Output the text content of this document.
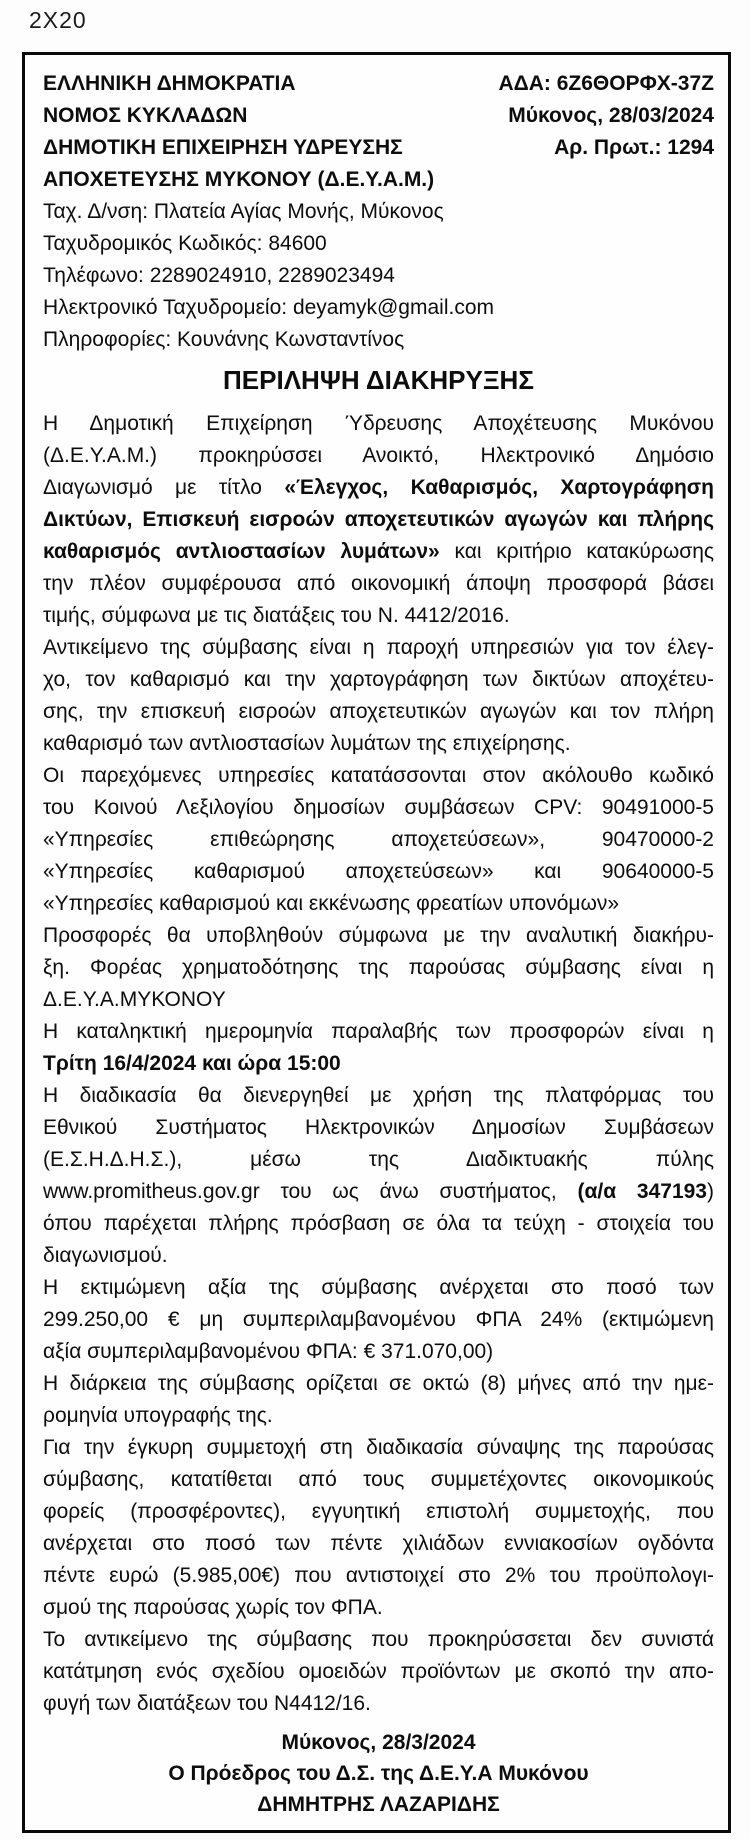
2X20
ΕΛΛΗΝΙΚΗ ΔΗΜΟΚΡΑΤΙΑ
ΝΟΜΟΣ ΚΥΚΛΑΔΩΝ
ΔΗΜΟΤΙΚΗ ΕΠΙΧΕΙΡΗΣΗ ΥΔΡΕΥΣΗΣ
ΑΠΟΧΕΤΕΥΣΗΣ ΜΥΚΟΝΟΥ (Δ.Ε.Υ.Α.Μ.)
ΑΔΑ: 6Ζ6ΘΟΡΦΧ-37Ζ
Μύκονος, 28/03/2024
Αρ. Πρωτ.: 1294
Ταχ. Δ/νση: Πλατεία Αγίας Μονής, Μύκονος
Ταχυδρομικός Κωδικός: 84600
Τηλέφωνο: 2289024910, 2289023494
Ηλεκτρονικό Ταχυδρομείο: deyamyk@gmail.com
Πληροφορίες: Κουνάνης Κωνσταντίνος
ΠΕΡΙΛΗΨΗ ΔΙΑΚΗΡΥΞΗΣ
Η Δημοτική Επιχείρηση Ύδρευσης Αποχέτευσης Μυκόνου
(Δ.Ε.Υ.Α.Μ.) προκηρύσσει Ανοικτό, Ηλεκτρονικό Δημόσιο
Διαγωνισμό με τίτλο «Έλεγχος, Καθαρισμός, Χαρτογράφηση
Δικτύων, Επισκευή εισροών αποχετευτικών αγωγών και πλήρης
καθαρισμός αντλιοστασίων λυμάτων» και κριτήριο κατακύρωσης
την πλέον συμφέρουσα από οικονομική άποψη προσφορά βάσει
τιμής, σύμφωνα με τις διατάξεις του Ν. 4412/2016.
Αντικείμενο της σύμβασης είναι η παροχή υπηρεσιών για τον έλεγ-
χο, τον καθαρισμό και την χαρτογράφηση των δικτύων αποχέτευ-
σης, την επισκευή εισροών αποχετευτικών αγωγών και τον πλήρη
καθαρισμό των αντλιοστασίων λυμάτων της επιχείρησης.
Οι παρεχόμενες υπηρεσίες κατατάσσονται στον ακόλουθο κωδικό
του Κοινού Λεξιλογίου δημοσίων συμβάσεων CPV: 90491000-5
«Υπηρεσίες επιθεώρησης αποχετεύσεων», 90470000-2
«Υπηρεσίες καθαρισμού αποχετεύσεων» και 90640000-5
«Υπηρεσίες καθαρισμού και εκκένωσης φρεατίων υπονόμων»
Προσφορές θα υποβληθούν σύμφωνα με την αναλυτική διακήρυ-
ξη. Φορέας χρηματοδότησης της παρούσας σύμβασης είναι η
Δ.Ε.Υ.Α.ΜΥΚΟΝΟΥ
Η καταληκτική ημερομηνία παραλαβής των προσφορών είναι η
Τρίτη 16/4/2024 και ώρα 15:00
Η διαδικασία θα διενεργηθεί με χρήση της πλατφόρμας του
Εθνικού Συστήματος Ηλεκτρονικών Δημοσίων Συμβάσεων
(Ε.Σ.Η.Δ.Η.Σ.), μέσω της Διαδικτυακής πύλης
www.promitheus.gov.gr του ως άνω συστήματος, (α/α 347193)
όπου παρέχεται πλήρης πρόσβαση σε όλα τα τεύχη - στοιχεία του
διαγωνισμού.
Η εκτιμώμενη αξία της σύμβασης ανέρχεται στο ποσό των
299.250,00 € μη συμπεριλαμβανομένου ΦΠΑ 24% (εκτιμώμενη
αξία συμπεριλαμβανομένου ΦΠΑ: € 371.070,00)
Η διάρκεια της σύμβασης ορίζεται σε οκτώ (8) μήνες από την ημε-
ρομηνία υπογραφής της.
Για την έγκυρη συμμετοχή στη διαδικασία σύναψης της παρούσας
σύμβασης, κατατίθεται από τους συμμετέχοντες οικονομικούς
φορείς (προσφέροντες), εγγυητική επιστολή συμμετοχής, που
ανέρχεται στο ποσό των πέντε χιλιάδων εννιακοσίων ογδόντα
πέντε ευρώ (5.985,00€) που αντιστοιχεί στο 2% του προϋπολογι-
σμού της παρούσας χωρίς τον ΦΠΑ.
Το αντικείμενο της σύμβασης που προκηρύσσεται δεν συνιστά
κατάτμηση ενός σχεδίου ομοειδών προϊόντων με σκοπό την απο-
φυγή των διατάξεων του Ν4412/16.
Μύκονος, 28/3/2024
Ο Πρόεδρος του Δ.Σ. της Δ.Ε.Υ.Α Μυκόνου
ΔΗΜΗΤΡΗΣ ΛΑΖΑΡΙΔΗΣ
